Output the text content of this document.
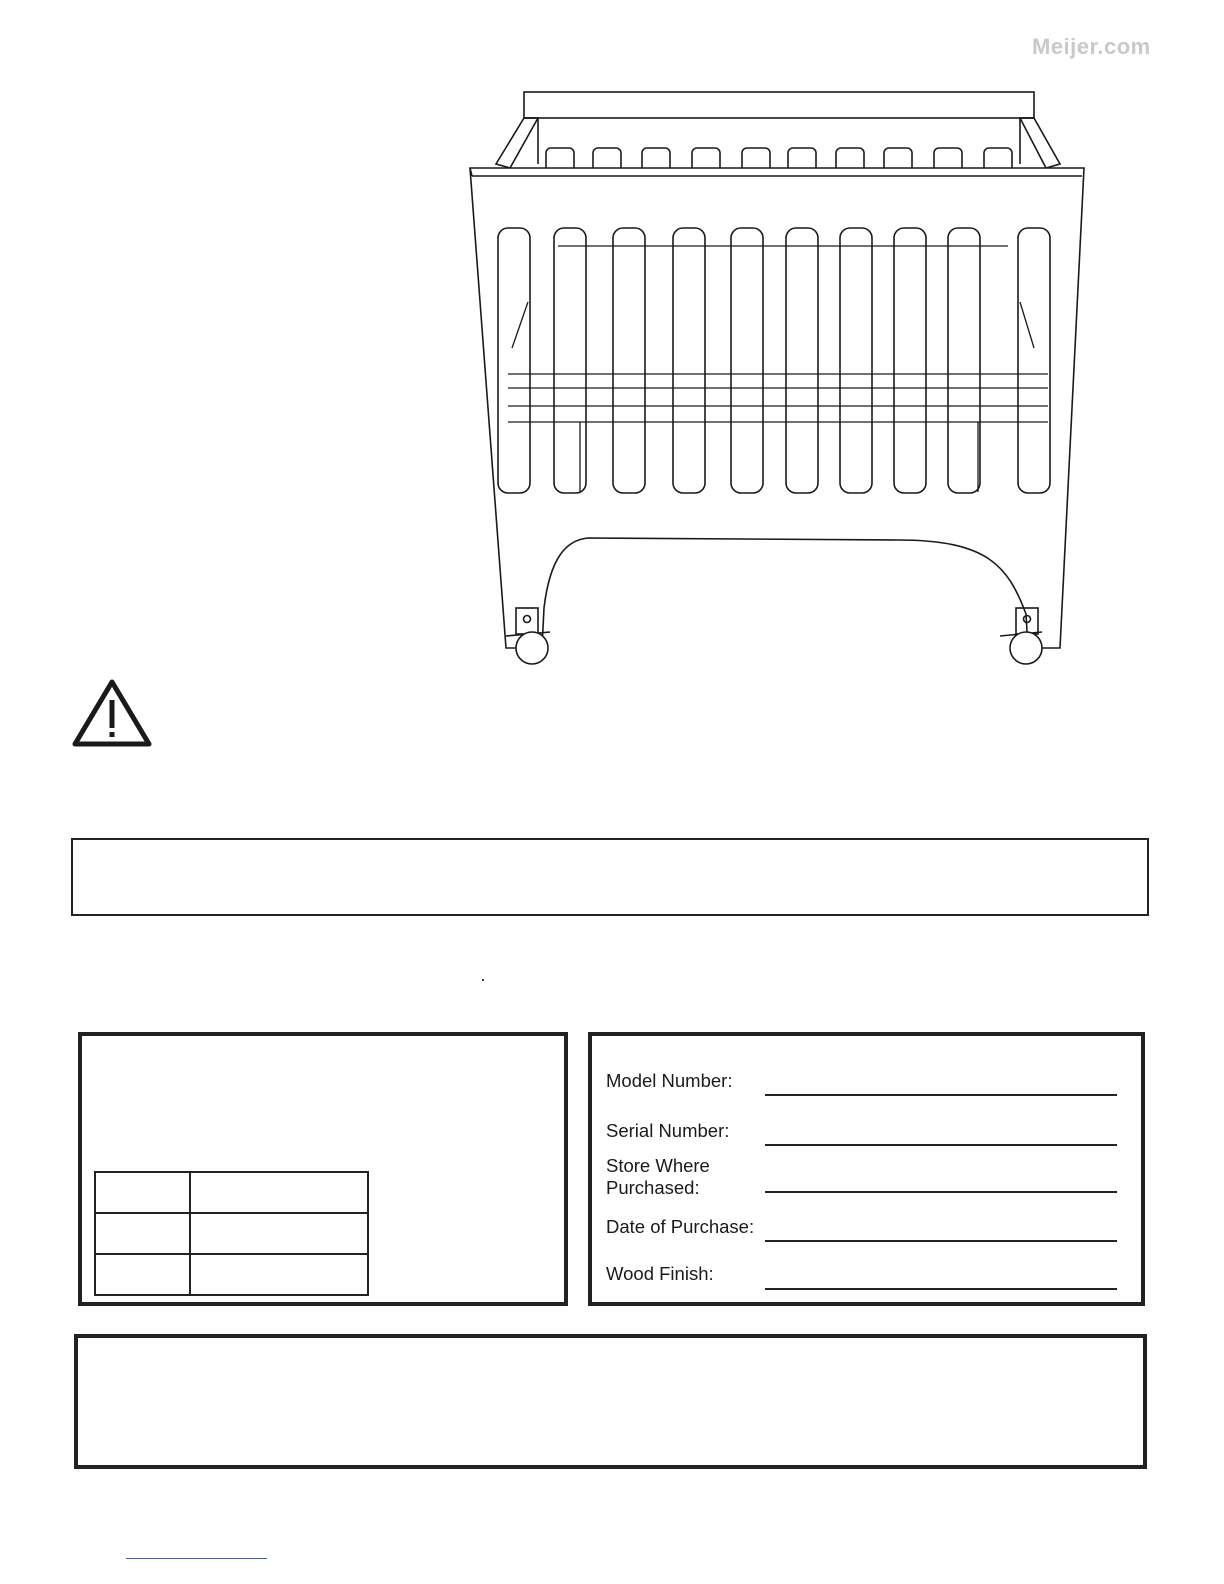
Meijer.com

Model Number:
Serial Number:
Store Where
Purchased:
Date of Purchase:
Wood Finish:
